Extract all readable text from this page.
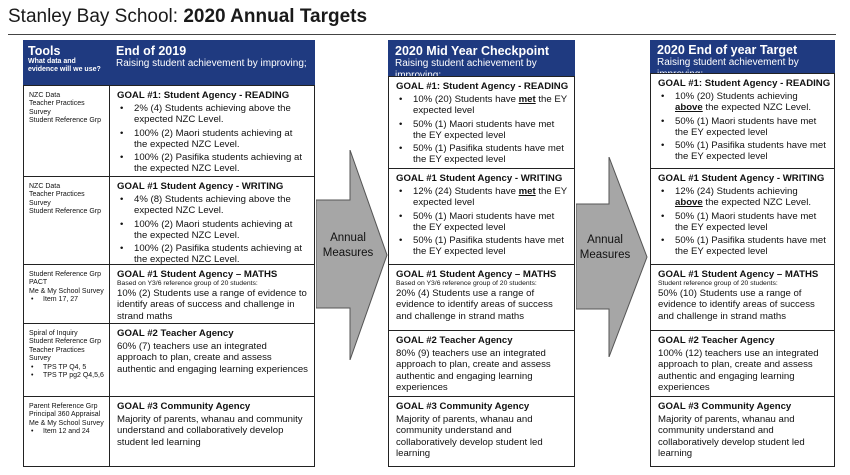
Stanley Bay School: 2020 Annual Targets
Tools
What data and evidence will we use?
End of 2019
Raising student achievement by improving;
NZC Data
Teacher Practices Survey
Student Reference Grp
NZC Data
Teacher Practices Survey
Student Reference Grp
Student Reference Grp
PACT
Me & My School Survey
• Item 17, 27
Spiral of Inquiry
Student Reference Grp
Teacher Practices Survey
• TPS TP Q4, 5
• TPS TP pg2 Q4,5,6
Parent Reference Grp
Principal 360 Appraisal
Me & My School Survey
• Item 12 and 24
GOAL #1: Student Agency - READING
• 2% (4) Students achieving above the expected NZC Level.
• 100% (2) Maori students achieving at the expected NZC Level.
• 100% (2) Pasifika students achieving at the expected NZC Level.
GOAL #1 Student Agency - WRITING
• 4% (8) Students achieving above the expected NZC Level.
• 100% (2) Maori students achieving at the expected NZC Level.
• 100% (2) Pasifika students achieving at the expected NZC Level.
GOAL #1 Student Agency – MATHS
Based on Y3/6 reference group of 20 students:
10% (2) Students use a range of evidence to identify areas of success and challenge in strand maths
GOAL #2 Teacher Agency
60% (7) teachers use an integrated approach to plan, create and assess authentic and engaging learning experiences
GOAL #3 Community Agency
Majority of parents, whanau and community understand and collaboratively develop student led learning
Annual
Measures
2020 Mid Year Checkpoint
Raising student achievement by
GOAL #1: Student Agency - READING
• 10% (20) Students have met the EY expected level
• 50% (1) Maori students have met the EY expected level
• 50% (1) Pasifika students have met the EY expected level
GOAL #1 Student Agency - WRITING
• 12% (24) Students have met the EY expected level
• 50% (1) Maori students have met the EY expected level
• 50% (1) Pasifika students have met the EY expected level
GOAL #1 Student Agency – MATHS
Based on Y3/6 reference group of 20 students:
20% (4) Students use a range of evidence to identify areas of success and challenge in strand maths
GOAL #2 Teacher Agency
80% (9) teachers use an integrated approach to plan, create and assess authentic and engaging learning experiences
GOAL #3 Community Agency
Majority of parents, whanau and community understand and collaboratively develop student led learning
Annual
Measures
2020 End of year Target
Raising student achievement by
GOAL #1: Student Agency - READING
• 10% (20) Students achieving above the expected NZC Level.
• 50% (1) Maori students have met the EY expected level
• 50% (1) Pasifika students have met the EY expected level
GOAL #1 Student Agency - WRITING
• 12% (24) Students achieving above the expected NZC Level.
• 50% (1) Maori students have met the EY expected level
• 50% (1) Pasifika students have met the EY expected level
GOAL #1 Student Agency – MATHS
Student reference group of 20 students:
50% (10) Students use a range of evidence to identify areas of success and challenge in strand maths
GOAL #2 Teacher Agency
100% (12) teachers use an integrated approach to plan, create and assess authentic and engaging learning experiences
GOAL #3 Community Agency
Majority of parents, whanau and community understand and collaboratively develop student led learning
